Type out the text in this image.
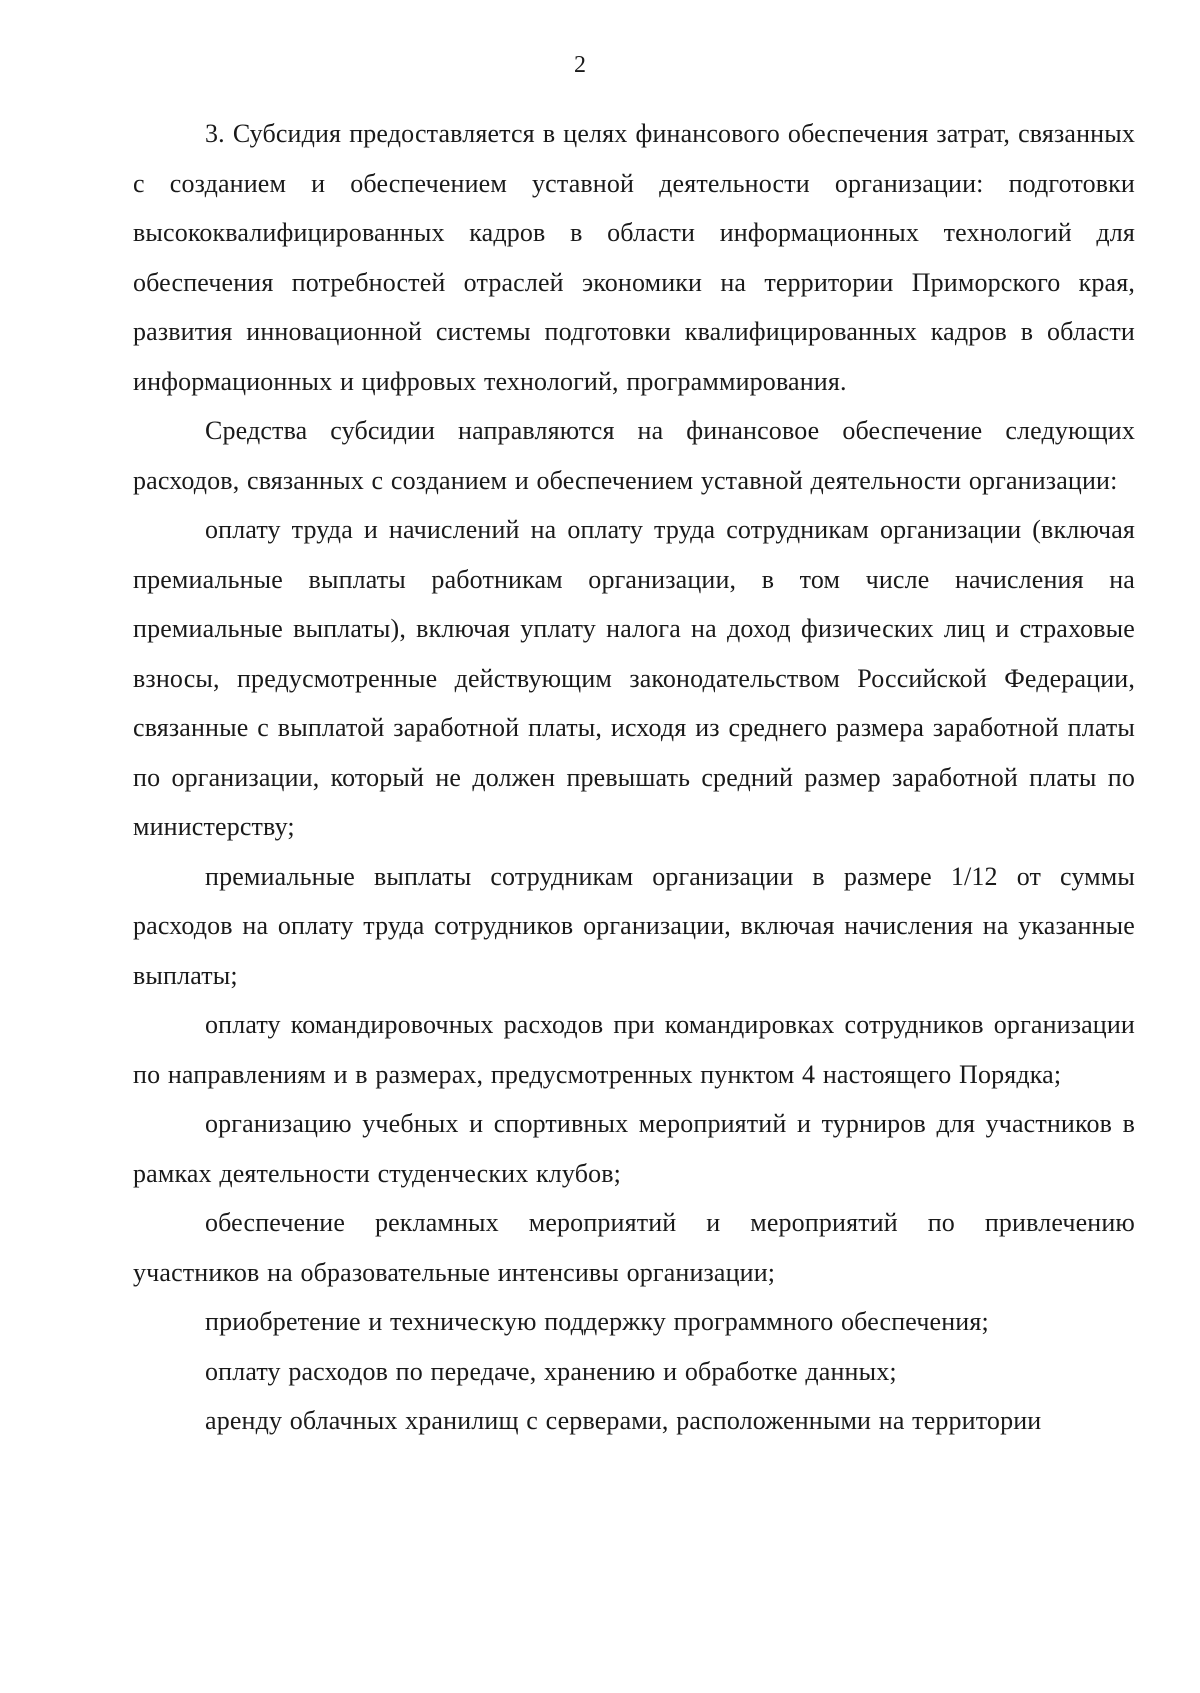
2

3. Субсидия предоставляется в целях финансового обеспечения затрат, связанных с созданием и обеспечением уставной деятельности организации: подготовки высококвалифицированных кадров в области информационных технологий для обеспечения потребностей отраслей экономики на территории Приморского края, развития инновационной системы подготовки квалифицированных кадров в области информационных и цифровых технологий, программирования.

Средства субсидии направляются на финансовое обеспечение следующих расходов, связанных с созданием и обеспечением уставной деятельности организации:

оплату труда и начислений на оплату труда сотрудникам организации (включая премиальные выплаты работникам организации, в том числе начисления на премиальные выплаты), включая уплату налога на доход физических лиц и страховые взносы, предусмотренные действующим законодательством Российской Федерации, связанные с выплатой заработной платы, исходя из среднего размера заработной платы по организации, который не должен превышать средний размер заработной платы по министерству;

премиальные выплаты сотрудникам организации в размере 1/12 от суммы расходов на оплату труда сотрудников организации, включая начисления на указанные выплаты;

оплату командировочных расходов при командировках сотрудников организации по направлениям и в размерах, предусмотренных пунктом 4 настоящего Порядка;

организацию учебных и спортивных мероприятий и турниров для участников в рамках деятельности студенческих клубов;

обеспечение рекламных мероприятий и мероприятий по привлечению участников на образовательные интенсивы организации;

приобретение и техническую поддержку программного обеспечения;

оплату расходов по передаче, хранению и обработке данных;

аренду облачных хранилищ с серверами, расположенными на территории
